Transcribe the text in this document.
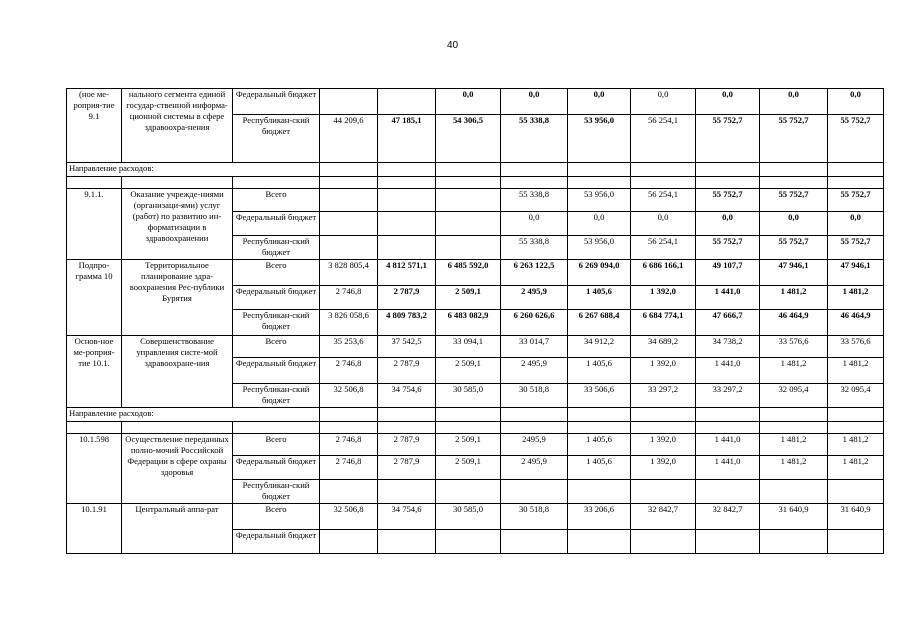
40
(ное ме-роприя-тие 9.1	нального сегмента единой государ-ственной информа-ционной системы в сфере здравоохра-нения	Федеральный бюджет			0,0	0,0	0,0	0,0	0,0	0,0	0,0
		Республикан-ский бюджет	44 209,6	47 185,1	54 306,5	55 338,8	53 956,0	56 254,1	55 752,7	55 752,7	55 752,7
Направление расходов:											

9.1.1.	Оказание учрежде-ниями (организаци-ями) услуг (работ) по развитию ин-форматизации в здравоохранении	Всего				55 338,8	53 956,0	56 254,1	55 752,7	55 752,7	55 752,7
		Федеральный бюджет				0,0	0,0	0,0	0,0	0,0	0,0
		Республикан-ский бюджет				55 338,8	53 956,0	56 254,1	55 752,7	55 752,7	55 752,7
Подпро-грамма 10	Территориальное планирование здра-воохранения Рес-публики Бурятия	Всего	3 828 805,4	4 812 571,1	6 485 592,0	6 263 122,5	6 269 094,0	6 686 166,1	49 107,7	47 946,1	47 946,1
		Федеральный бюджет	2 746,8	2 787,9	2 509,1	2 495,9	1 405,6	1 392,0	1 441,0	1 481,2	1 481,2
		Республикан-ский бюджет	3 826 058,6	4 809 783,2	6 483 082,9	6 260 626,6	6 267 688,4	6 684 774,1	47 666,7	46 464,9	46 464,9
Основ-ное ме-роприя-тие 10.1.	Совершенствование управления систе-мой здравоохране-ния	Всего	35 253,6	37 542,5	33 094,1	33 014,7	34 912,2	34 689,2	34 738,2	33 576,6	33 576,6
		Федеральный бюджет	2 746,8	2 787,9	2 509,1	2 495,9	1 405,6	1 392,0	1 441,0	1 481,2	1 481,2
		Республикан-ский бюджет	32 506,8	34 754,6	30 585,0	30 518,8	33 506,6	33 297,2	33 297,2	32 095,4	32 095,4
Направление расходов:											

10.1.598	Осуществление переданных полно-мочий Российской Федерации в сфере охраны здоровья	Всего	2 746,8	2 787,9	2 509,1	2495,9	1 405,6	1 392,0	1 441,0	1 481,2	1 481,2
		Федеральный бюджет	2 746,8	2 787,9	2 509,1	2 495,9	1 405,6	1 392,0	1 441,0	1 481,2	1 481,2
		Республикан-ский бюджет									
10.1.91	Центральный аппа-рат	Всего	32 506,8	34 754,6	30 585,0	30 518,8	33 206,6	32 842,7	32 842,7	31 640,9	31 640,9
		Федеральный бюджет									
